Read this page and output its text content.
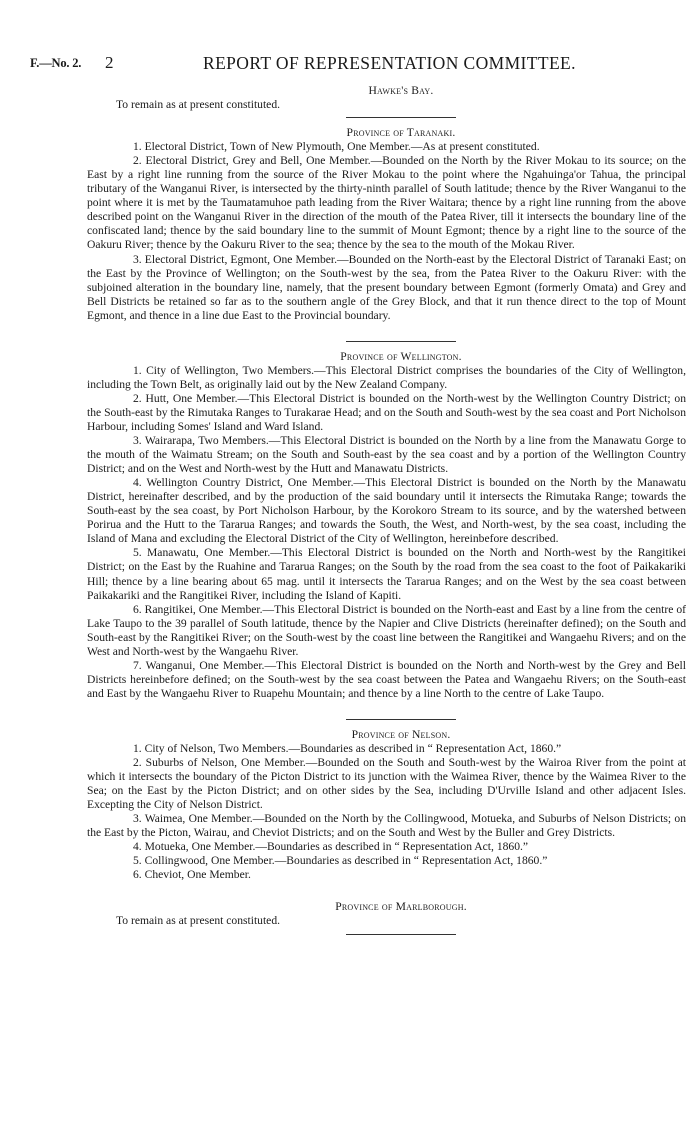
F.—No. 2. 2	REPORT OF REPRESENTATION COMMITTEE.

Hawke's Bay.

To remain as at present constituted.

Province of Taranaki.

1. Electoral District, Town of New Plymouth, One Member.—As at present constituted.

2. Electoral District, Grey and Bell, One Member.—Bounded on the North by the River Mokau to its source; on the East by a right line running from the source of the River Mokau to the point where the Ngahuinga'or Tahua, the principal tributary of the Wanganui River, is intersected by the thirty-ninth parallel of South latitude; thence by the River Wanganui to the point where it is met by the Taumatamuhoe path leading from the River Waitara; thence by a right line running from the above described point on the Wanganui River in the direction of the mouth of the Patea River, till it intersects the boundary line of the confiscated land; thence by the said boundary line to the summit of Mount Egmont; thence by a right line to the source of the Oakuru River; thence by the Oakuru River to the sea; thence by the sea to the mouth of the Mokau River.

3. Electoral District, Egmont, One Member.—Bounded on the North-east by the Electoral District of Taranaki East; on the East by the Province of Wellington; on the South-west by the sea, from the Patea River to the Oakuru River: with the subjoined alteration in the boundary line, namely, that the present boundary between Egmont (formerly Omata) and Grey and Bell Districts be retained so far as to the southern angle of the Grey Block, and that it run thence direct to the top of Mount Egmont, and thence in a line due East to the Provincial boundary.

Province of Wellington.

1. City of Wellington, Two Members.—This Electoral District comprises the boundaries of the City of Wellington, including the Town Belt, as originally laid out by the New Zealand Company.

2. Hutt, One Member.—This Electoral District is bounded on the North-west by the Wellington Country District; on the South-east by the Rimutaka Ranges to Turakarae Head; and on the South and South-west by the sea coast and Port Nicholson Harbour, including Somes' Island and Ward Island.

3. Wairarapa, Two Members.—This Electoral District is bounded on the North by a line from the Manawatu Gorge to the mouth of the Waimatu Stream; on the South and South-east by the sea coast and by a portion of the Wellington Country District; and on the West and North-west by the Hutt and Manawatu Districts.

4. Wellington Country District, One Member.—This Electoral District is bounded on the North by the Manawatu District, hereinafter described, and by the production of the said boundary until it intersects the Rimutaka Range; towards the South-east by the sea coast, by Port Nicholson Harbour, by the Korokoro Stream to its source, and by the watershed between Porirua and the Hutt to the Tararua Ranges; and towards the South, the West, and North-west, by the sea coast, including the Island of Mana and excluding the Electoral District of the City of Wellington, hereinbefore described.

5. Manawatu, One Member.—This Electoral District is bounded on the North and North-west by the Rangitikei District; on the East by the Ruahine and Tararua Ranges; on the South by the road from the sea coast to the foot of Paikakariki Hill; thence by a line bearing about 65 mag. until it intersects the Tararua Ranges; and on the West by the sea coast between Paikakariki and the Rangitikei River, including the Island of Kapiti.

6. Rangitikei, One Member.—This Electoral District is bounded on the North-east and East by a line from the centre of Lake Taupo to the 39 parallel of South latitude, thence by the Napier and Clive Districts (hereinafter defined); on the South and South-east by the Rangitikei River; on the South-west by the coast line between the Rangitikei and Wangaehu Rivers; and on the West and North-west by the Wangaehu River.

7. Wanganui, One Member.—This Electoral District is bounded on the North and North-west by the Grey and Bell Districts hereinbefore defined; on the South-west by the sea coast between the Patea and Wangaehu Rivers; on the South-east and East by the Wangaehu River to Ruapehu Mountain; and thence by a line North to the centre of Lake Taupo.

Province of Nelson.

1. City of Nelson, Two Members.—Boundaries as described in “ Representation Act, 1860.”

2. Suburbs of Nelson, One Member.—Bounded on the South and South-west by the Wairoa River from the point at which it intersects the boundary of the Picton District to its junction with the Waimea River, thence by the Waimea River to the Sea; on the East by the Picton District; and on other sides by the Sea, including D'Urville Island and other adjacent Isles. Excepting the City of Nelson District.

3. Waimea, One Member.—Bounded on the North by the Collingwood, Motueka, and Suburbs of Nelson Districts; on the East by the Picton, Wairau, and Cheviot Districts; and on the South and West by the Buller and Grey Districts.

4. Motueka, One Member.—Boundaries as described in “ Representation Act, 1860.”

5. Collingwood, One Member.—Boundaries as described in “ Representation Act, 1860.”

6. Cheviot, One Member.

Province of Marlborough.

To remain as at present constituted.
